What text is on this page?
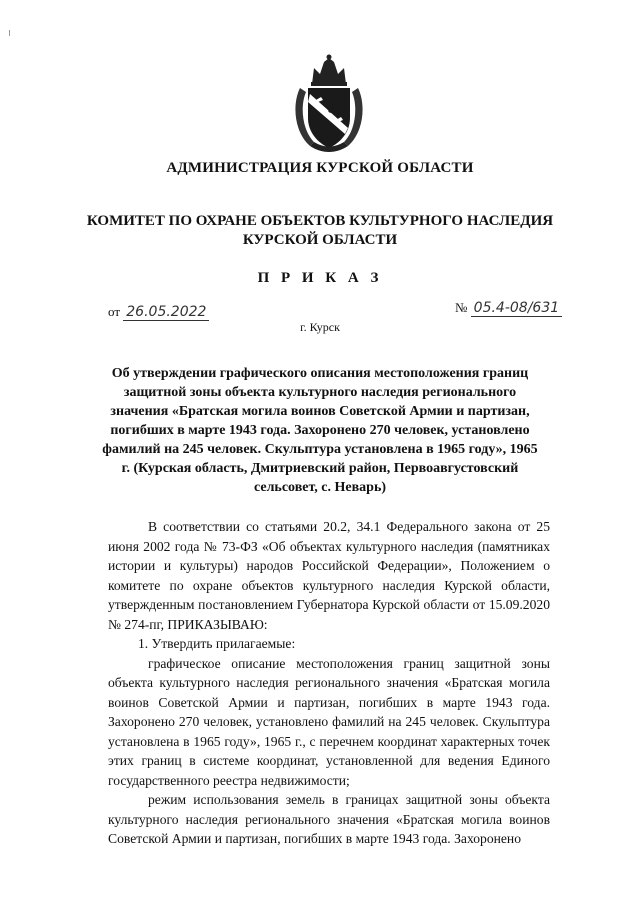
АДМИНИСТРАЦИЯ КУРСКОЙ ОБЛАСТИ
КОМИТЕТ ПО ОХРАНЕ ОБЪЕКТОВ КУЛЬТУРНОГО НАСЛЕДИЯ
КУРСКОЙ ОБЛАСТИ
П Р И К А З
от 26.05.2022	№ 05.4-08/631
г. Курск
Об утверждении графического описания местоположения границ защитной зоны объекта культурного наследия регионального значения «Братская могила воинов Советской Армии и партизан, погибших в марте 1943 года. Захоронено 270 человек, установлено фамилий на 245 человек. Скульптура установлена в 1965 году», 1965 г. (Курская область, Дмитриевский район, Первоавгустовский сельсовет, с. Неварь)

В соответствии со статьями 20.2, 34.1 Федерального закона от 25 июня 2002 года № 73-ФЗ «Об объектах культурного наследия (памятниках истории и культуры) народов Российской Федерации», Положением о комитете по охране объектов культурного наследия Курской области, утвержденным постановлением Губернатора Курской области от 15.09.2020 № 274-пг, ПРИКАЗЫВАЮ:

1. Утвердить прилагаемые:

графическое описание местоположения границ защитной зоны объекта культурного наследия регионального значения «Братская могила воинов Советской Армии и партизан, погибших в марте 1943 года. Захоронено 270 человек, установлено фамилий на 245 человек. Скульптура установлена в 1965 году», 1965 г., с перечнем координат характерных точек этих границ в системе координат, установленной для ведения Единого государственного реестра недвижимости;

режим использования земель в границах защитной зоны объекта культурного наследия регионального значения «Братская могила воинов Советской Армии и партизан, погибших в марте 1943 года. Захоронено
